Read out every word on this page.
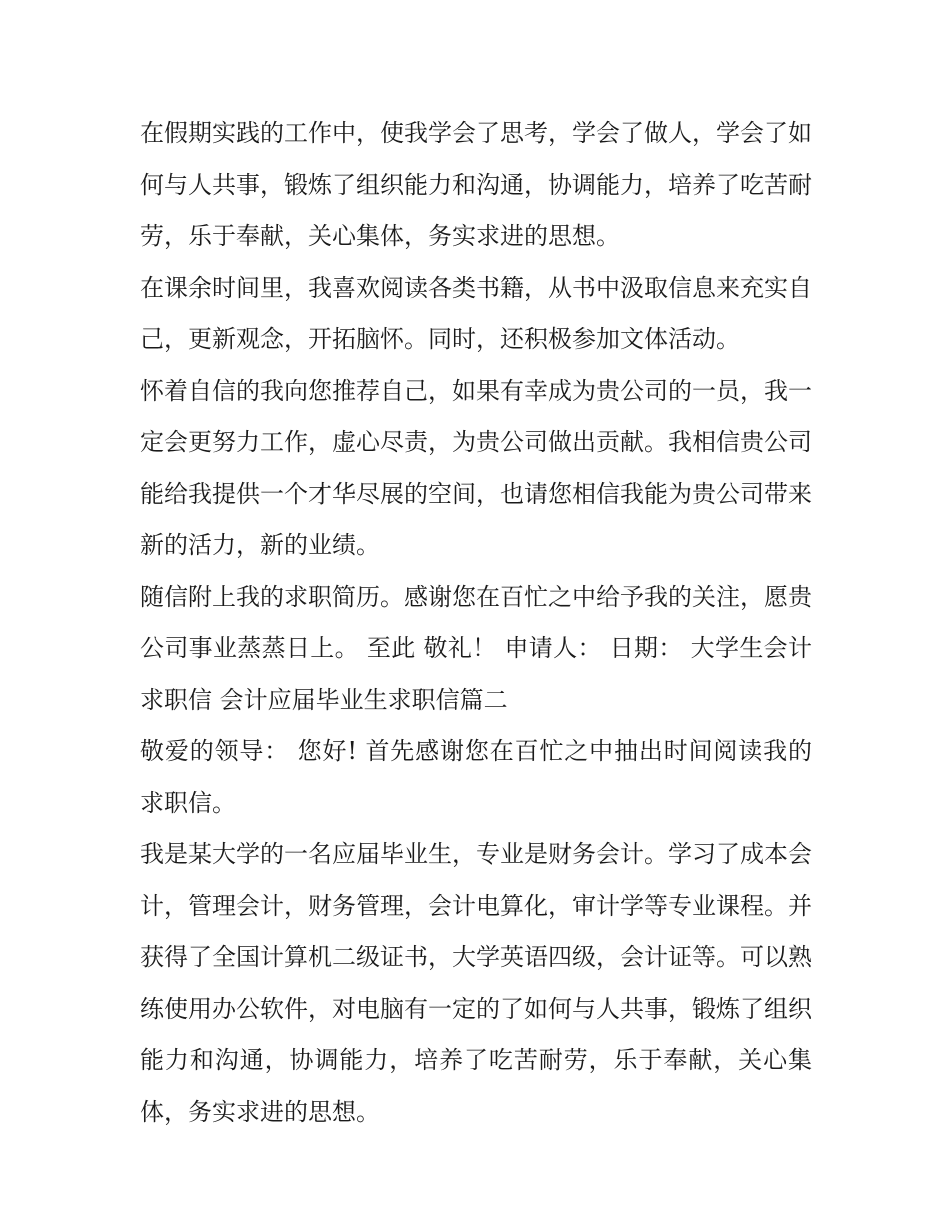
在假期实践的工作中，使我学会了思考，学会了做人，学会了如何与人共事，锻炼了组织能力和沟通，协调能力，培养了吃苦耐劳，乐于奉献，关心集体，务实求进的思想。

在课余时间里，我喜欢阅读各类书籍，从书中汲取信息来充实自己，更新观念，开拓脑怀。同时，还积极参加文体活动。

怀着自信的我向您推荐自己，如果有幸成为贵公司的一员，我一定会更努力工作，虚心尽责，为贵公司做出贡献。我相信贵公司能给我提供一个才华尽展的空间，也请您相信我能为贵公司带来新的活力，新的业绩。

随信附上我的求职简历。感谢您在百忙之中给予我的关注，愿贵公司事业蒸蒸日上。 至此 敬礼！ 申请人： 日期： 大学生会计求职信 会计应届毕业生求职信篇二

敬爱的领导： 您好! 首先感谢您在百忙之中抽出时间阅读我的求职信。

我是某大学的一名应届毕业生，专业是财务会计。学习了成本会计，管理会计，财务管理，会计电算化，审计学等专业课程。并获得了全国计算机二级证书，大学英语四级，会计证等。可以熟练使用办公软件，对电脑有一定的了如何与人共事，锻炼了组织能力和沟通，协调能力，培养了吃苦耐劳，乐于奉献，关心集体，务实求进的思想。
